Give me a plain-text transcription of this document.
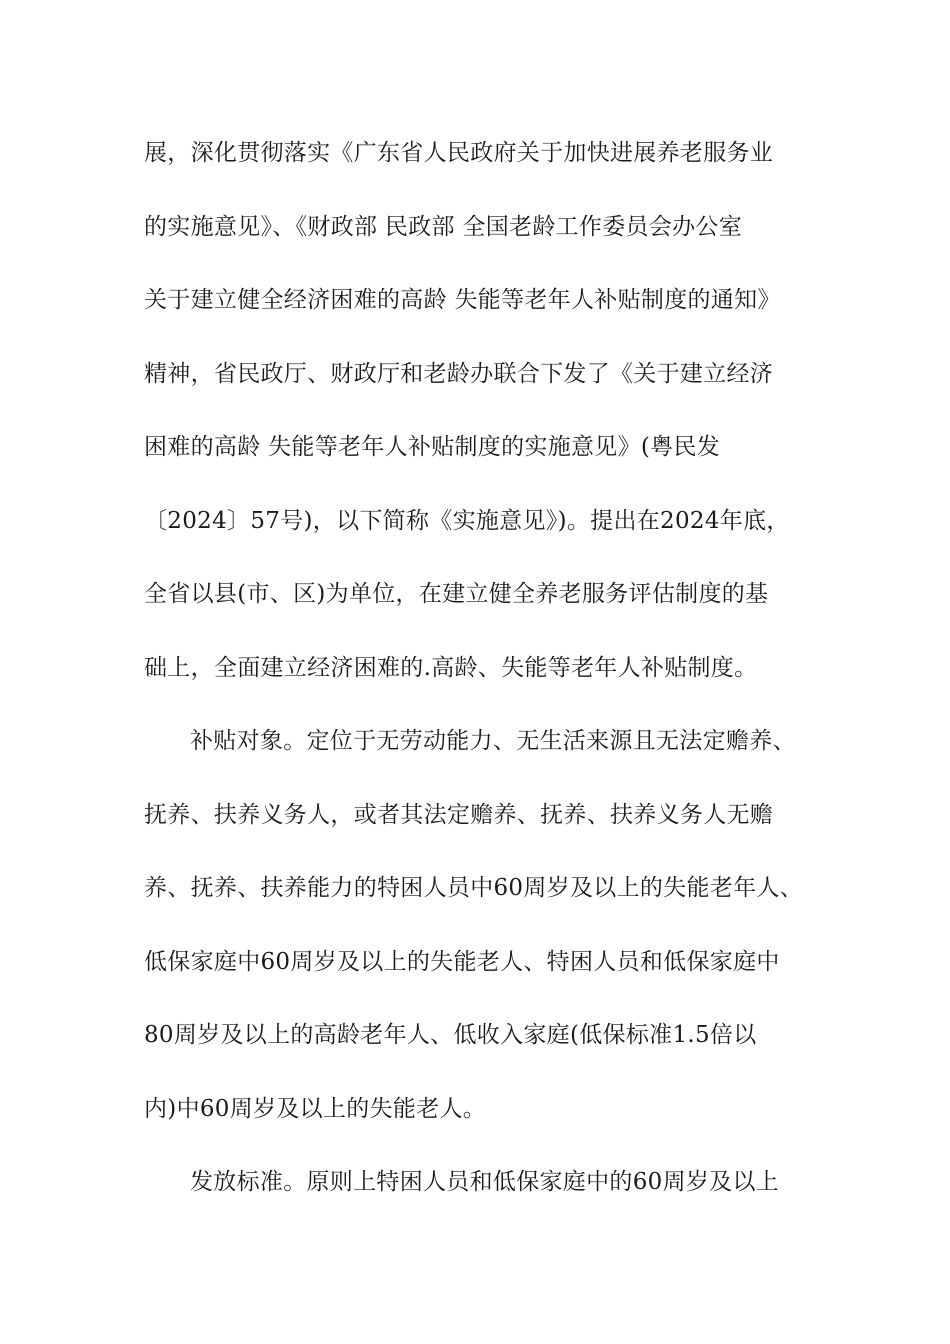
展，深化贯彻落实《广东省人民政府关于加快进展养老服务业
的实施意见》、《财政部 民政部 全国老龄工作委员会办公室
关于建立健全经济困难的高龄 失能等老年人补贴制度的通知》
精神，省民政厅、财政厅和老龄办联合下发了《关于建立经济
困难的高龄 失能等老年人补贴制度的实施意见》(粤民发
〔2024〕57号)，以下简称《实施意见》)。提出在2024年底，
全省以县(市、区)为单位，在建立健全养老服务评估制度的基
础上，全面建立经济困难的.高龄、失能等老年人补贴制度。
补贴对象。定位于无劳动能力、无生活来源且无法定赡养、
抚养、扶养义务人，或者其法定赡养、抚养、扶养义务人无赡
养、抚养、扶养能力的特困人员中60周岁及以上的失能老年人、
低保家庭中60周岁及以上的失能老人、特困人员和低保家庭中
80周岁及以上的高龄老年人、低收入家庭(低保标准1.5倍以
内)中60周岁及以上的失能老人。
发放标准。原则上特困人员和低保家庭中的60周岁及以上
